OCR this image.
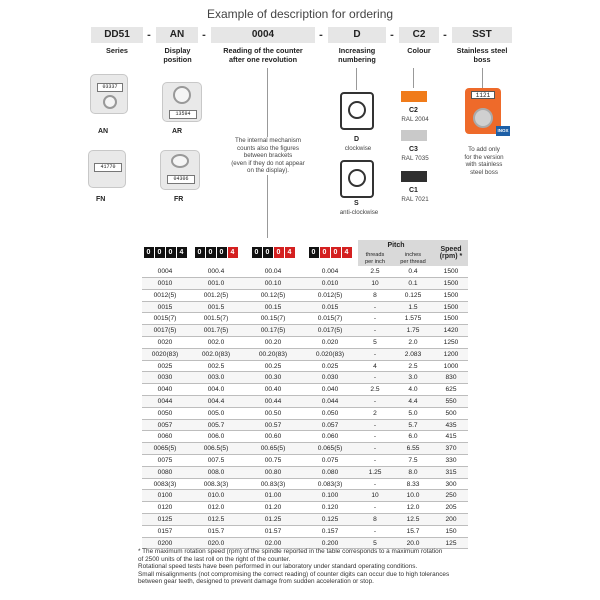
Example of description for ordering
DD51	-	AN	-	0004	-	D	-	C2	-	SST
Series	Display
position
Reading of the counter
after one revolution
Increasing
numbering
Colour	Stainless steel
boss
03337
AN
13594
AR
41770
FN
04306
FR
The internal mechanism
counts also the figures
between brackets
(even if they do not appear
on the display).
D
clockwise
S
anti-clockwise
C2
RAL 2004
C3
RAL 7035
C1
RAL 7021
1121
INOX
To add only
for the version
with stainless
steel boss
0 0 0 4	0 0 0 4	0 0 0 4	0 0 0 4	Pitch		Speed
(rpm) *
				threads
per inch	inches
per thread	
0004	000.4	00.04	0.004	2.5	0.4	1500
0010	001.0	00.10	0.010	10	0.1	1500
0012(5)	001.2(5)	00.12(5)	0.012(5)	8	0.125	1500
0015	001.5	00.15	0.015	-	1.5	1500
0015(7)	001.5(7)	00.15(7)	0.015(7)	-	1.575	1500
0017(5)	001.7(5)	00.17(5)	0.017(5)	-	1.75	1420
0020	002.0	00.20	0.020	5	2.0	1250
0020(83)	002.0(83)	00.20(83)	0.020(83)	-	2.083	1200
0025	002.5	00.25	0.025	4	2.5	1000
0030	003.0	00.30	0.030	-	3.0	830
0040	004.0	00.40	0.040	2.5	4.0	625
0044	004.4	00.44	0.044	-	4.4	550
0050	005.0	00.50	0.050	2	5.0	500
0057	005.7	00.57	0.057	-	5.7	435
0060	006.0	00.60	0.060	-	6.0	415
0065(5)	006.5(5)	00.65(5)	0.065(5)	-	6.55	370
0075	007.5	00.75	0.075	-	7.5	330
0080	008.0	00.80	0.080	1.25	8.0	315
0083(3)	008.3(3)	00.83(3)	0.083(3)	-	8.33	300
0100	010.0	01.00	0.100	10	10.0	250
0120	012.0	01.20	0.120	-	12.0	205
0125	012.5	01.25	0.125	8	12.5	200
0157	015.7	01.57	0.157	-	15.7	150
0200	020.0	02.00	0.200	5	20.0	125
* The maximum rotation speed (rpm) of the spindle reported in the table corresponds to a maximum rotation
of 2500 units of the last roll on the right of the counter.
Rotational speed tests have been performed in our laboratory under standard operating conditions.
Small misalignments (not compromising the correct reading) of counter digits can occur due to high tolerances
between gear teeth, designed to prevent damage from sudden acceleration or stop.
